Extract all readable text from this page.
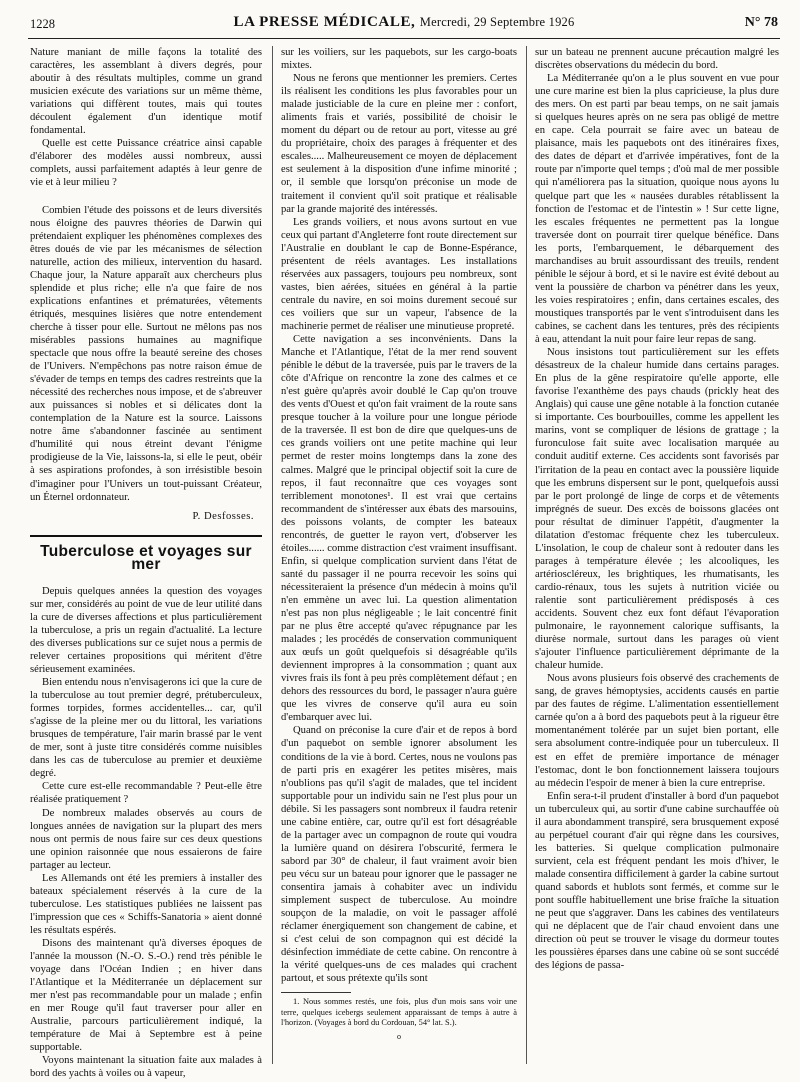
1228	LA PRESSE MÉDICALE, Mercredi, 29 Septembre 1926	N° 78

Nature maniant de mille façons la totalité des caractères, les assemblant à divers degrés, pour aboutir à des résultats multiples, comme un grand musicien exécute des variations sur un même thème, variations qui diffèrent toutes, mais qui toutes découlent également d'un identique motif fondamental.

Quelle est cette Puissance créatrice ainsi capable d'élaborer des modèles aussi nombreux, aussi complets, aussi parfaitement adaptés à leur genre de vie et à leur milieu ?

Combien l'étude des poissons et de leurs diversités nous éloigne des pauvres théories de Darwin qui prétendaient expliquer les phénomènes complexes des êtres doués de vie par les mécanismes de sélection naturelle, action des milieux, intervention du hasard. Chaque jour, la Nature apparaît aux chercheurs plus splendide et plus riche; elle n'a que faire de nos explications enfantines et prématurées, vêtements étriqués, mesquines lisières que notre entendement cherche à tisser pour elle. Surtout ne mêlons pas nos misérables passions humaines au magnifique spectacle que nous offre la beauté sereine des choses de l'Univers. N'empêchons pas notre raison émue de s'évader de temps en temps des cadres restreints que la nécessité des recherches nous impose, et de s'abreuver aux puissances si nobles et si délicates dont la contemplation de la Nature est la source. Laissons notre âme s'abandonner fascinée au sentiment d'humilité qui nous étreint devant l'énigme prodigieuse de la Vie, laissons-la, si elle le peut, obéir à ses aspirations profondes, à son irrésistible besoin d'imaginer pour l'Univers un tout-puissant Créateur, un Éternel ordonnateur.

P. Desfosses.
Tuberculose et voyages sur mer

Depuis quelques années la question des voyages sur mer, considérés au point de vue de leur utilité dans la cure de diverses affections et plus particulièrement la tuberculose, a pris un regain d'actualité. La lecture des diverses publications sur ce sujet nous a permis de relever certaines propositions qui méritent d'être sérieusement examinées.

Bien entendu nous n'envisagerons ici que la cure de la tuberculose au tout premier degré, prétuberculeux, formes torpides, formes accidentelles... car, qu'il s'agisse de la pleine mer ou du littoral, les variations brusques de température, l'air marin brassé par le vent de mer, sont à juste titre considérés comme nuisibles dans les cas de tuberculose au premier et deuxième degré.

Cette cure est-elle recommandable ? Peut-elle être réalisée pratiquement ?

De nombreux malades observés au cours de longues années de navigation sur la plupart des mers nous ont permis de nous faire sur ces deux questions une opinion raisonnée que nous essaierons de faire partager au lecteur.

Les Allemands ont été les premiers à installer des bateaux spécialement réservés à la cure de la tuberculose. Les statistiques publiées ne laissent pas l'impression que ces « Schiffs-Sanatoria » aient donné les résultats espérés.

Disons des maintenant qu'à diverses époques de l'année la mousson (N.-O. S.-O.) rend très pénible le voyage dans l'Océan Indien ; en hiver dans l'Atlantique et la Méditerranée un déplacement sur mer n'est pas recommandable pour un malade ; enfin en mer Rouge qu'il faut traverser pour aller en Australie, parcours particulièrement indiqué, la température de Mai à Septembre est à peine supportable.

Voyons maintenant la situation faite aux malades à bord des yachts à voiles ou à vapeur,

sur les voiliers, sur les paquebots, sur les cargo-boats mixtes.

Nous ne ferons que mentionner les premiers. Certes ils réalisent les conditions les plus favorables pour un malade justiciable de la cure en pleine mer : confort, aliments frais et variés, possibilité de choisir le moment du départ ou de retour au port, vitesse au gré du propriétaire, choix des parages à fréquenter et des escales..... Malheureusement ce moyen de déplacement est seulement à la disposition d'une infime minorité ; or, il semble que lorsqu'on préconise un mode de traitement il convient qu'il soit pratique et réalisable par la grande majorité des intéressés.

Les grands voiliers, et nous avons surtout en vue ceux qui partant d'Angleterre font route directement sur l'Australie en doublant le cap de Bonne-Espérance, présentent de réels avantages. Les installations réservées aux passagers, toujours peu nombreux, sont vastes, bien aérées, situées en général à la partie centrale du navire, en soi moins durement secoué sur ces voiliers que sur un vapeur, l'absence de la machinerie permet de réaliser une minutieuse propreté.

Cette navigation a ses inconvénients. Dans la Manche et l'Atlantique, l'état de la mer rend souvent pénible le début de la traversée, puis par le travers de la côte d'Afrique on rencontre la zone des calmes et ce n'est guère qu'après avoir doublé le Cap qu'on trouve des vents d'Ouest et qu'on fait vraiment de la route sans presque toucher à la voilure pour une longue période de la traversée. Il est bon de dire que quelques-uns de ces grands voiliers ont une petite machine qui leur permet de rester moins longtemps dans la zone des calmes. Malgré que le principal objectif soit la cure de repos, il faut reconnaître que ces voyages sont terriblement monotones¹. Il est vrai que certains recommandent de s'intéresser aux ébats des marsouins, des poissons volants, de compter les bateaux rencontrés, de guetter le rayon vert, d'observer les étoiles...... comme distraction c'est vraiment insuffisant. Enfin, si quelque complication survient dans l'état de santé du passager il ne pourra recevoir les soins qui nécessiteraient la présence d'un médecin à moins qu'il n'en emmène un avec lui. La question alimentation n'est pas non plus négligeable ; le lait concentré finit par ne plus être accepté qu'avec répugnance par les malades ; les procédés de conservation communiquent aux œufs un goût quelquefois si désagréable qu'ils deviennent impropres à la consommation ; quant aux vivres frais ils font à peu près complètement défaut ; en dehors des ressources du bord, le passager n'aura guère que les vivres de conserve qu'il aura eu soin d'embarquer avec lui.

Quand on préconise la cure d'air et de repos à bord d'un paquebot on semble ignorer absolument les conditions de la vie à bord. Certes, nous ne voulons pas de parti pris en exagérer les petites misères, mais n'oublions pas qu'il s'agit de malades, que tel incident supportable pour un individu sain ne l'est plus pour un débile. Si les passagers sont nombreux il faudra retenir une cabine entière, car, outre qu'il est fort désagréable de la partager avec un compagnon de route qui voudra la lumière quand on désirera l'obscurité, fermera le sabord par 30° de chaleur, il faut vraiment avoir bien peu vécu sur un bateau pour ignorer que le passager ne consentira jamais à cohabiter avec un individu simplement suspect de tuberculose. Au moindre soupçon de la maladie, on voit le passager affolé réclamer énergiquement son changement de cabine, et si c'est celui de son compagnon qui est décidé la désinfection immédiate de cette cabine. On rencontre à la vérité quelques-uns de ces malades qui crachent partout, et sous prétexte qu'ils sont

1. Nous sommes restés, une fois, plus d'un mois sans voir une terre, quelques icebergs seulement apparaissant de temps à autre à l'horizon. (Voyages à bord du Cordouan, 54° lat. S.).

o

sur un bateau ne prennent aucune précaution malgré les discrètes observations du médecin du bord.

La Méditerranée qu'on a le plus souvent en vue pour une cure marine est bien la plus capricieuse, la plus dure des mers. On est parti par beau temps, on ne sait jamais si quelques heures après on ne sera pas obligé de mettre en cape. Cela pourrait se faire avec un bateau de plaisance, mais les paquebots ont des itinéraires fixes, des dates de départ et d'arrivée impératives, font de la route par n'importe quel temps ; d'où mal de mer possible qui n'améliorera pas la situation, quoique nous ayons lu quelque part que les « nausées durables rétablissent la fonction de l'estomac et de l'intestin » ! Sur cette ligne, les escales fréquentes ne permettent pas la longue traversée dont on pourrait tirer quelque bénéfice. Dans les ports, l'embarquement, le débarquement des marchandises au bruit assourdissant des treuils, rendent pénible le séjour à bord, et si le navire est évité debout au vent la poussière de charbon va pénétrer dans les yeux, les voies respiratoires ; enfin, dans certaines escales, des moustiques transportés par le vent s'introduisent dans les cabines, se cachent dans les tentures, près des récipients à eau, attendant la nuit pour faire leur repas de sang.

Nous insistons tout particulièrement sur les effets désastreux de la chaleur humide dans certains parages. En plus de la gêne respiratoire qu'elle apporte, elle favorise l'exanthème des pays chauds (prickly heat des Anglais) qui cause une gêne notable à la fonction cutanée si importante. Ces bourbouilles, comme les appellent les marins, vont se compliquer de lésions de grattage ; la furonculose fait suite avec localisation marquée au conduit auditif externe. Ces accidents sont favorisés par l'irritation de la peau en contact avec la poussière liquide que les embruns dispersent sur le pont, quelquefois aussi par le port prolongé de linge de corps et de vêtements imprégnés de sueur. Des excès de boissons glacées ont pour résultat de diminuer l'appétit, d'augmenter la dilatation d'estomac fréquente chez les tuberculeux. L'insolation, le coup de chaleur sont à redouter dans les parages à température élevée ; les alcooliques, les artérioscléreux, les brightiques, les rhumatisants, les cardio-rénaux, tous les sujets à nutrition viciée ou ralentie sont particulièrement prédisposés à ces accidents. Souvent chez eux font défaut l'évaporation pulmonaire, le rayonnement calorique suffisants, la diurèse normale, surtout dans les parages où vient s'ajouter l'influence particulièrement déprimante de la chaleur humide.

Nous avons plusieurs fois observé des crachements de sang, de graves hémoptysies, accidents causés en partie par des fautes de régime. L'alimentation essentiellement carnée qu'on a à bord des paquebots peut à la rigueur être momentanément tolérée par un sujet bien portant, elle sera absolument contre-indiquée pour un tuberculeux. Il est en effet de première importance de ménager l'estomac, dont le bon fonctionnement laissera toujours au médecin l'espoir de mener à bien la cure entreprise.

Enfin sera-t-il prudent d'installer à bord d'un paquebot un tuberculeux qui, au sortir d'une cabine surchauffée où il aura abondamment transpiré, sera brusquement exposé au perpétuel courant d'air qui règne dans les coursives, les batteries. Si quelque complication pulmonaire survient, cela est fréquent pendant les mois d'hiver, le malade consentira difficilement à garder la cabine surtout quand sabords et hublots sont fermés, et comme sur le pont souffle habituellement une brise fraîche la situation ne peut que s'aggraver. Dans les cabines des ventilateurs qui ne déplacent que de l'air chaud envoient dans une direction où peut se trouver le visage du dormeur toutes les poussières éparses dans une cabine où se sont succédé des légions de passa-
